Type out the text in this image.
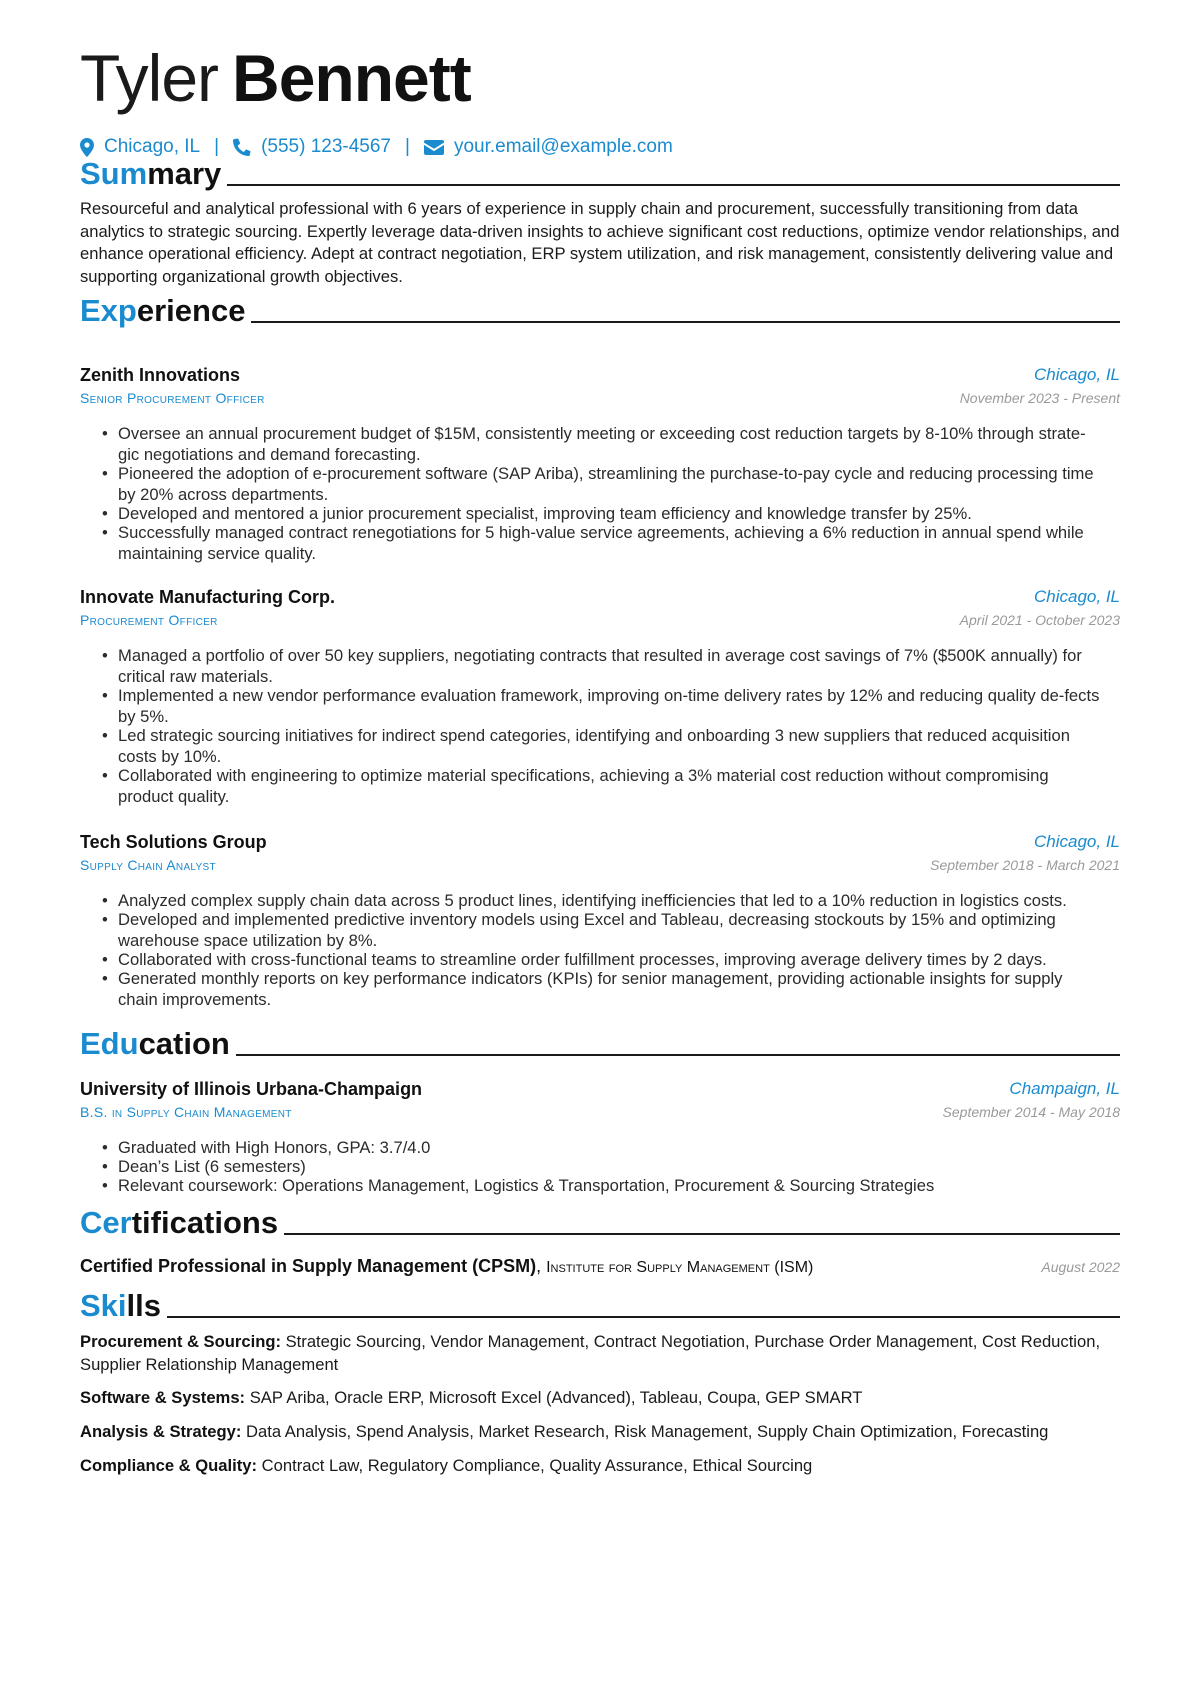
Tyler Bennett
Chicago, IL | (555) 123-4567 | your.email@example.com
Summary
Resourceful and analytical professional with 6 years of experience in supply chain and procurement, successfully transitioning from data analytics to strategic sourcing. Expertly leverage data-driven insights to achieve significant cost reductions, optimize vendor relationships, and enhance operational efficiency. Adept at contract negotiation, ERP system utilization, and risk management, consistently delivering value and supporting organizational growth objectives.
Experience
Zenith Innovations	Chicago, IL
Senior Procurement Officer	November 2023 - Present
• Oversee an annual procurement budget of $15M, consistently meeting or exceeding cost reduction targets by 8-10% through strate-gic negotiations and demand forecasting.
• Pioneered the adoption of e-procurement software (SAP Ariba), streamlining the purchase-to-pay cycle and reducing processing time by 20% across departments.
• Developed and mentored a junior procurement specialist, improving team efficiency and knowledge transfer by 25%.
• Successfully managed contract renegotiations for 5 high-value service agreements, achieving a 6% reduction in annual spend while maintaining service quality.
Innovate Manufacturing Corp.	Chicago, IL
Procurement Officer	April 2021 - October 2023
• Managed a portfolio of over 50 key suppliers, negotiating contracts that resulted in average cost savings of 7% ($500K annually) for critical raw materials.
• Implemented a new vendor performance evaluation framework, improving on-time delivery rates by 12% and reducing quality de-fects by 5%.
• Led strategic sourcing initiatives for indirect spend categories, identifying and onboarding 3 new suppliers that reduced acquisition costs by 10%.
• Collaborated with engineering to optimize material specifications, achieving a 3% material cost reduction without compromising product quality.
Tech Solutions Group	Chicago, IL
Supply Chain Analyst	September 2018 - March 2021
• Analyzed complex supply chain data across 5 product lines, identifying inefficiencies that led to a 10% reduction in logistics costs.
• Developed and implemented predictive inventory models using Excel and Tableau, decreasing stockouts by 15% and optimizing warehouse space utilization by 8%.
• Collaborated with cross-functional teams to streamline order fulfillment processes, improving average delivery times by 2 days.
• Generated monthly reports on key performance indicators (KPIs) for senior management, providing actionable insights for supply chain improvements.
Education
University of Illinois Urbana-Champaign	Champaign, IL
B.S. in Supply Chain Management	September 2014 - May 2018
• Graduated with High Honors, GPA: 3.7/4.0
• Dean’s List (6 semesters)
• Relevant coursework: Operations Management, Logistics & Transportation, Procurement & Sourcing Strategies
Certifications
Certified Professional in Supply Management (CPSM), Institute for Supply Management (ISM)	August 2022
Skills
Procurement & Sourcing: Strategic Sourcing, Vendor Management, Contract Negotiation, Purchase Order Management, Cost Reduction, Supplier Relationship Management
Software & Systems: SAP Ariba, Oracle ERP, Microsoft Excel (Advanced), Tableau, Coupa, GEP SMART
Analysis & Strategy: Data Analysis, Spend Analysis, Market Research, Risk Management, Supply Chain Optimization, Forecasting
Compliance & Quality: Contract Law, Regulatory Compliance, Quality Assurance, Ethical Sourcing
